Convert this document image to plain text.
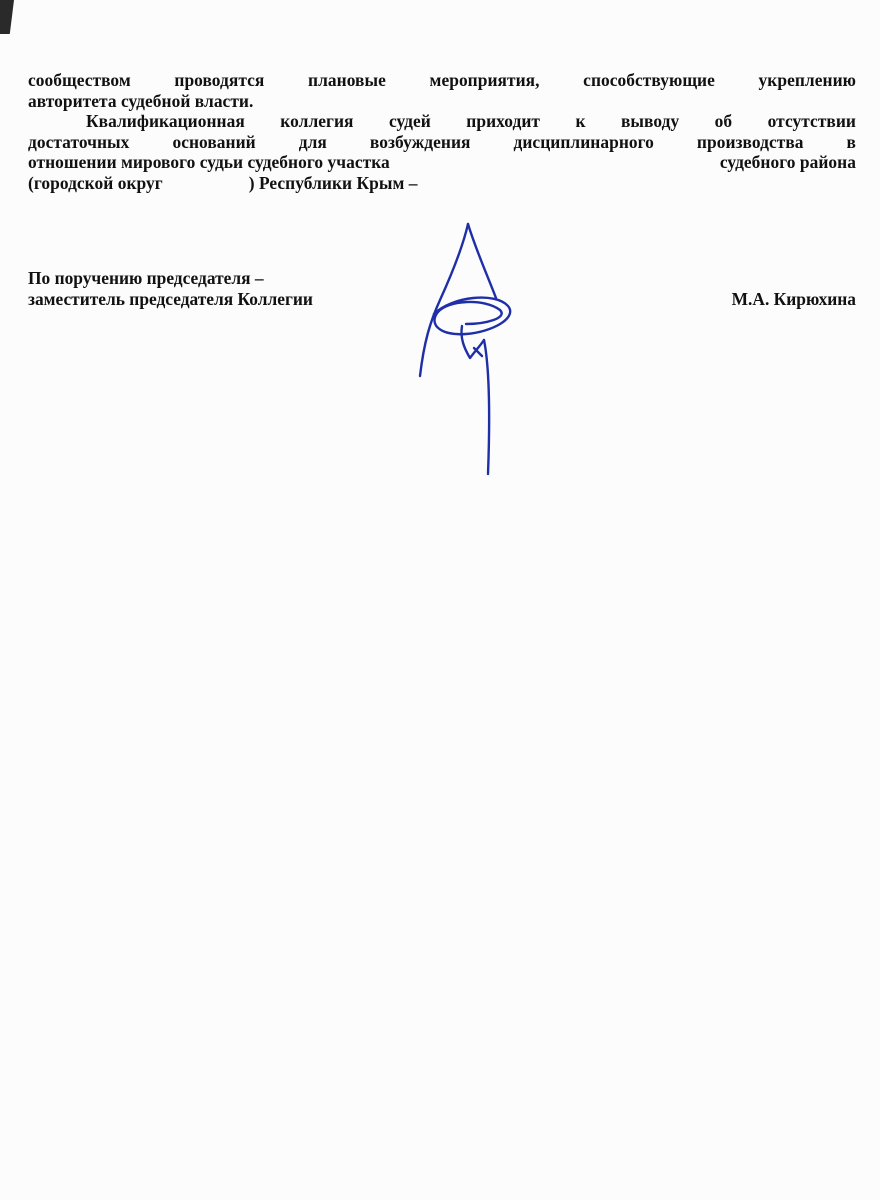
сообществом проводятся плановые мероприятия, способствующие укреплению
авторитета судебной власти.
Квалификационная коллегия судей приходит к выводу об отсутствии
достаточных оснований для возбуждения дисциплинарного производства в
отношении мирового судьи судебного участка	судебного района
(городской округ	) Республики Крым –
По поручению председателя –
заместитель председателя Коллегии	М.А. Кирюхина
